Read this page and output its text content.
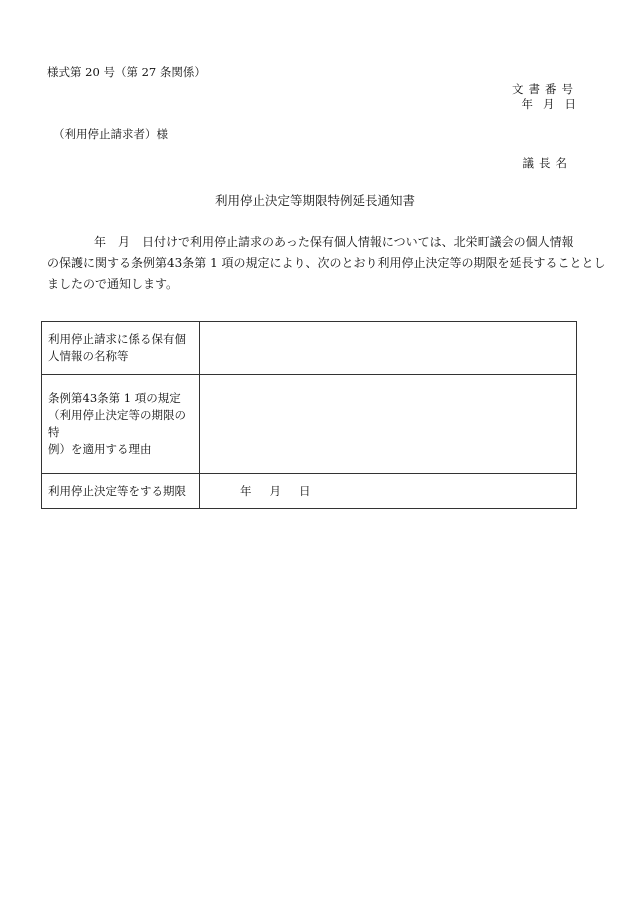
様式第 20 号（第 27 条関係）
文書番号
年 月 日
（利用停止請求者）様
議長名
利用停止決定等期限特例延長通知書
年　月　日付けで利用停止請求のあった保有個人情報については、北栄町議会の個人情報
の保護に関する条例第43条第 1 項の規定により、次のとおり利用停止決定等の期限を延長することとし
ましたので通知します。
利用停止請求に係る保有個
人情報の名称等	

条例第43条第 1 項の規定
（利用停止決定等の期限の特
例）を適用する理由	

利用停止決定等をする期限	年 月 日
